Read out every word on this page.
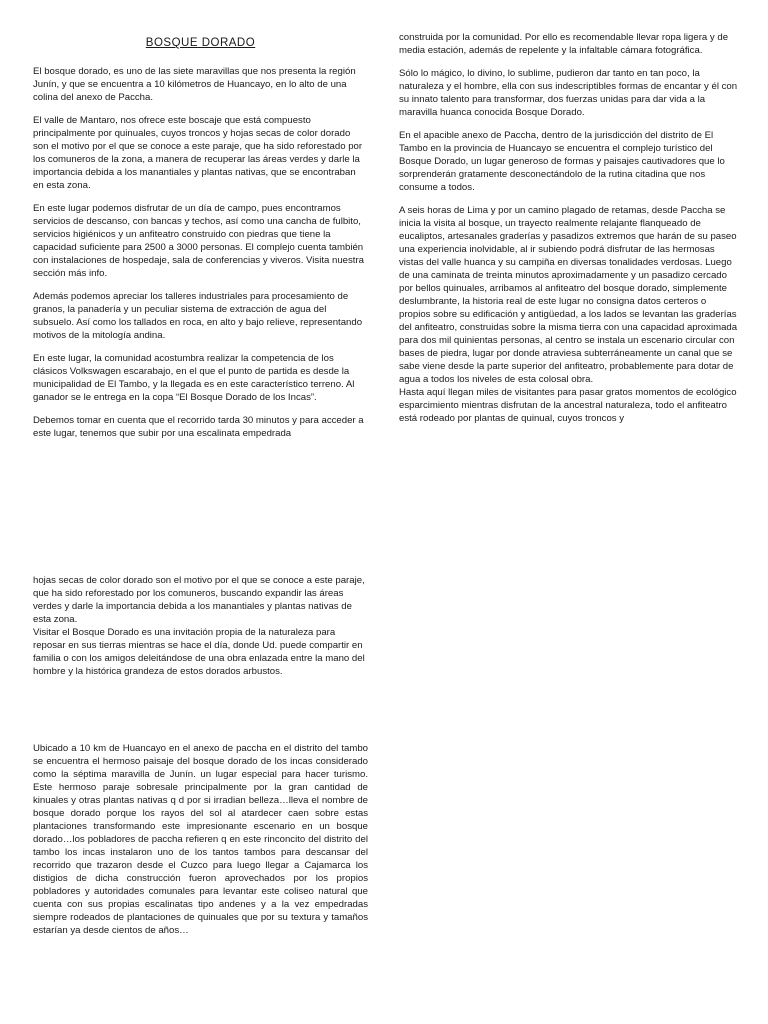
BOSQUE DORADO

El bosque dorado, es uno de las siete maravillas que nos presenta la región Junín, y que se encuentra a 10 kilómetros de Huancayo, en lo alto de una colina del anexo de Paccha.

El valle de Mantaro, nos ofrece este boscaje que está compuesto principalmente por quinuales, cuyos troncos y hojas secas de color dorado son el motivo por el que se conoce a este paraje, que ha sido reforestado por los comuneros de la zona, a manera de recuperar las áreas verdes y darle la importancia debida a los manantiales y plantas nativas, que se encontraban en esta zona.

En este lugar podemos disfrutar de un día de campo, pues encontramos servicios de descanso, con bancas y techos, así como una cancha de fulbito, servicios higiénicos y un anfiteatro construido con piedras que tiene la capacidad suficiente para 2500 a 3000 personas. El complejo cuenta también con instalaciones de hospedaje, sala de conferencias y viveros. Visita nuestra sección más info.

Además podemos apreciar los talleres industriales para procesamiento de granos, la panadería y un peculiar sistema de extracción de agua del subsuelo. Así como los tallados en roca, en alto y bajo relieve, representando motivos de la mitología andina.

En este lugar, la comunidad acostumbra realizar la competencia de los clásicos Volkswagen escarabajo, en el que el punto de partida es desde la municipalidad de El Tambo, y la llegada es en este característico terreno. Al ganador se le entrega en la copa “El Bosque Dorado de los Incas”.

Debemos tomar en cuenta que el recorrido tarda 30 minutos y para acceder a este lugar, tenemos que subir por una escalinata empedrada

construida por la comunidad. Por ello es recomendable llevar ropa ligera y de media estación, además de repelente y la infaltable cámara fotográfica.

Sólo lo mágico, lo divino, lo sublime, pudieron dar tanto en tan poco, la naturaleza y el hombre, ella con sus indescriptibles formas de encantar y él con su innato talento para transformar, dos fuerzas unidas para dar vida a la maravilla huanca conocida Bosque Dorado.

En el apacible anexo de Paccha, dentro de la jurisdicción del distrito de El Tambo en la provincia de Huancayo se encuentra el complejo turístico del Bosque Dorado, un lugar generoso de formas y paisajes cautivadores que lo sorprenderán gratamente desconectándolo de la rutina citadina que nos consume a todos.

A seis horas de Lima y por un camino plagado de retamas, desde Paccha se inicia la visita al bosque, un trayecto realmente relajante flanqueado de eucaliptos, artesanales graderías y pasadizos extremos que harán de su paseo una experiencia inolvidable, al ir subiendo podrá disfrutar de las hermosas vistas del valle huanca y su campiña en diversas tonalidades verdosas. Luego de una caminata de treinta minutos aproximadamente y un pasadizo cercado por bellos quinuales, arribamos al anfiteatro del bosque dorado, simplemente deslumbrante, la historia real de este lugar no consigna datos certeros o propios sobre su edificación y antigüedad, a los lados se levantan las graderías del anfiteatro, construidas sobre la misma tierra con una capacidad aproximada para dos mil quinientas personas, al centro se instala un escenario circular con bases de piedra, lugar por donde atraviesa subterráneamente un canal que se sabe viene desde la parte superior del anfiteatro, probablemente para dotar de agua a todos los niveles de esta colosal obra.

Hasta aquí llegan miles de visitantes para pasar gratos momentos de ecológico esparcimiento mientras disfrutan de la ancestral naturaleza, todo el anfiteatro está rodeado por plantas de quinual, cuyos troncos y

hojas secas de color dorado son el motivo por el que se conoce a este paraje, que ha sido reforestado por los comuneros, buscando expandir las áreas verdes y darle la importancia debida a los manantiales y plantas nativas de esta zona.

Visitar el Bosque Dorado es una invitación propia de la naturaleza para reposar en sus tierras mientras se hace el día, donde Ud. puede compartir en familia o con los amigos deleitándose de una obra enlazada entre la mano del hombre y la histórica grandeza de estos dorados arbustos.

Ubicado a 10 km de Huancayo en el anexo de paccha en el distrito del tambo se encuentra el hermoso paisaje del bosque dorado de los incas considerado como la séptima maravilla de Junín. un lugar especial para hacer turismo. Este hermoso paraje sobresale principalmente por la gran cantidad de kinuales y otras plantas nativas q d por si irradian belleza…lleva el nombre de bosque dorado porque los rayos del sol al atardecer caen sobre estas plantaciones transformando este impresionante escenario en un bosque dorado…los pobladores de paccha refieren q en este rinconcito del distrito del tambo los incas instalaron uno de los tantos tambos para descansar del recorrido que trazaron desde el Cuzco para luego llegar a Cajamarca los distigios de dicha construcción fueron aprovechados por los propios pobladores y autoridades comunales para levantar este coliseo natural que cuenta con sus propias escalinatas tipo andenes y a la vez empedradas siempre rodeados de plantaciones de quinuales que por su textura y tamaños estarían ya desde cientos de años…
